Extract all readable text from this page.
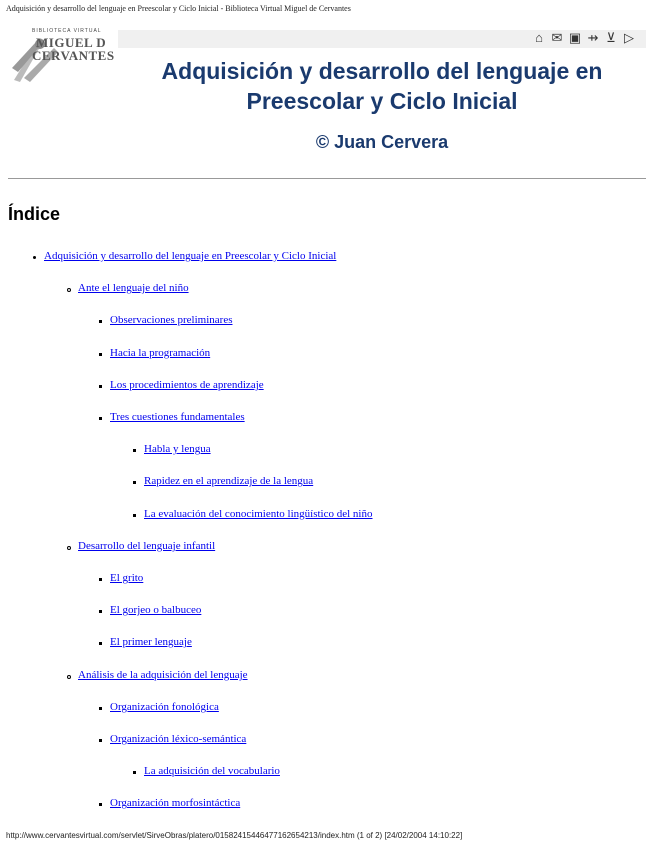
Adquisición y desarrollo del lenguaje en Preescolar y Ciclo Inicial - Biblioteca Virtual Miguel de Cervantes
BIBLIOTECA VIRTUAL
MIGUEL D
CERVANTES
⌂ ✉ ▣ ⇸ ⊻ ▷
Adquisición y desarrollo del lenguaje en Preescolar y Ciclo Inicial
© Juan Cervera
Índice
Adquisición y desarrollo del lenguaje en Preescolar y Ciclo Inicial
Ante el lenguaje del niño
Observaciones preliminares
Hacia la programación
Los procedimientos de aprendizaje
Tres cuestiones fundamentales
Habla y lengua
Rapidez en el aprendizaje de la lengua
La evaluación del conocimiento lingüístico del niño
Desarrollo del lenguaje infantil
El grito
El gorjeo o balbuceo
El primer lenguaje
Análisis de la adquisición del lenguaje
Organización fonológica
Organización léxico-semántica
La adquisición del vocabulario
Organización morfosintáctica
http://www.cervantesvirtual.com/servlet/SirveObras/platero/01582415446477162654213/index.htm (1 of 2) [24/02/2004 14:10:22]
